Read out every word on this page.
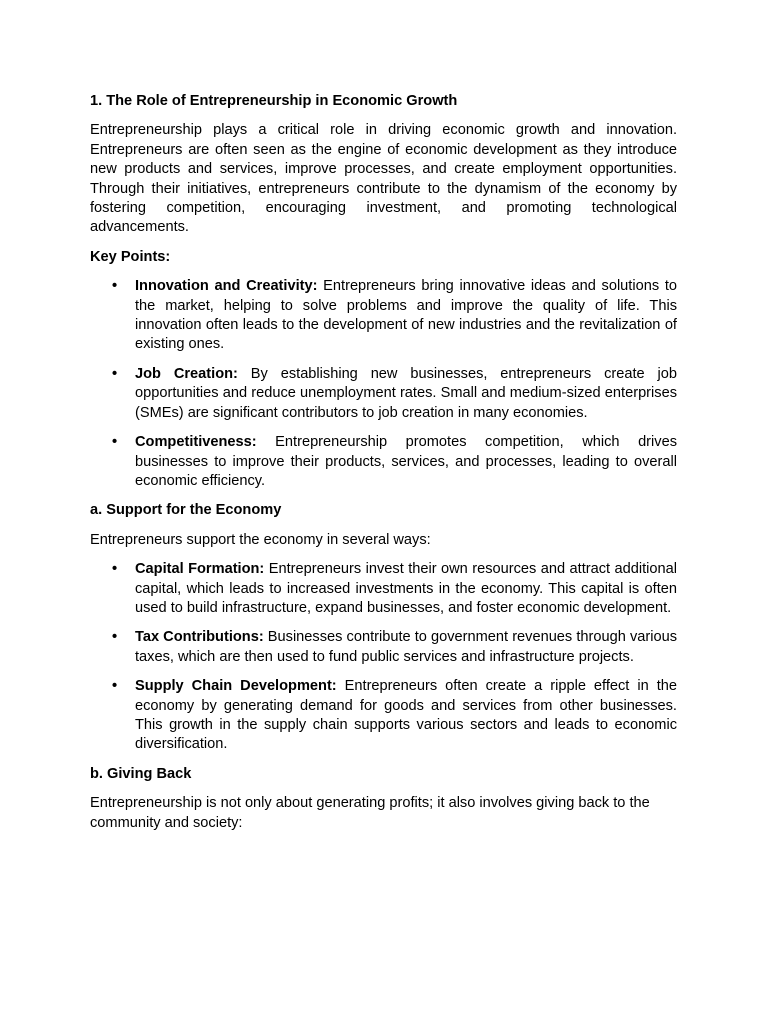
1. The Role of Entrepreneurship in Economic Growth
Entrepreneurship plays a critical role in driving economic growth and innovation. Entrepreneurs are often seen as the engine of economic development as they introduce new products and services, improve processes, and create employment opportunities. Through their initiatives, entrepreneurs contribute to the dynamism of the economy by fostering competition, encouraging investment, and promoting technological advancements.
Key Points:
• Innovation and Creativity: Entrepreneurs bring innovative ideas and solutions to the market, helping to solve problems and improve the quality of life. This innovation often leads to the development of new industries and the revitalization of existing ones.
• Job Creation: By establishing new businesses, entrepreneurs create job opportunities and reduce unemployment rates. Small and medium-sized enterprises (SMEs) are significant contributors to job creation in many economies.
• Competitiveness: Entrepreneurship promotes competition, which drives businesses to improve their products, services, and processes, leading to overall economic efficiency.
a. Support for the Economy
Entrepreneurs support the economy in several ways:
• Capital Formation: Entrepreneurs invest their own resources and attract additional capital, which leads to increased investments in the economy. This capital is often used to build infrastructure, expand businesses, and foster economic development.
• Tax Contributions: Businesses contribute to government revenues through various taxes, which are then used to fund public services and infrastructure projects.
• Supply Chain Development: Entrepreneurs often create a ripple effect in the economy by generating demand for goods and services from other businesses. This growth in the supply chain supports various sectors and leads to economic diversification.
b. Giving Back
Entrepreneurship is not only about generating profits; it also involves giving back to the community and society:
